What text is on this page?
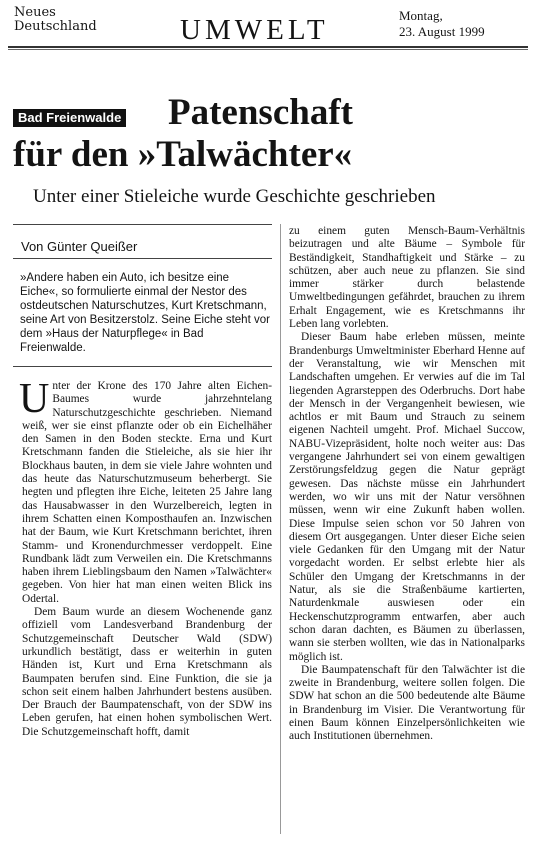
Neues
Deutschland	UMWELT	Montag,
23. August 1999
Bad Freienwalde Patenschaft
für den »Talwächter«
Unter einer Stieleiche wurde Geschichte geschrieben
Von Günter Queißer
»Andere haben ein Auto, ich besitze eine Eiche«, so formulierte einmal der Nestor des ostdeutschen Naturschutzes, Kurt Kretschmann, seine Art von Besitzerstolz. Seine Eiche steht vor dem »Haus der Naturpflege« in Bad Freienwalde.

Unter der Krone des 170 Jahre alten Eichen-Baumes wurde jahrzehntelang Naturschutzgeschichte geschrieben. Niemand weiß, wer sie einst pflanzte oder ob ein Eichelhäher den Samen in den Boden steckte. Erna und Kurt Kretschmann fanden die Stieleiche, als sie hier ihr Blockhaus bauten, in dem sie viele Jahre wohnten und das heute das Naturschutzmuseum beherbergt. Sie hegten und pflegten ihre Eiche, leiteten 25 Jahre lang das Hausabwasser in den Wurzelbereich, legten in ihrem Schatten einen Komposthaufen an. Inzwischen hat der Baum, wie Kurt Kretschmann berichtet, ihren Stamm- und Kronendurchmesser verdoppelt. Eine Rundbank lädt zum Verweilen ein. Die Kretschmanns haben ihrem Lieblingsbaum den Namen »Talwächter« gegeben. Von hier hat man einen weiten Blick ins Odertal.

Dem Baum wurde an diesem Wochenende ganz offiziell vom Landesverband Brandenburg der Schutzgemeinschaft Deutscher Wald (SDW) urkundlich bestätigt, dass er weiterhin in guten Händen ist, Kurt und Erna Kretschmann als Baumpaten berufen sind. Eine Funktion, die sie ja schon seit einem halben Jahrhundert bestens ausüben. Der Brauch der Baumpatenschaft, von der SDW ins Leben gerufen, hat einen hohen symbolischen Wert. Die Schutzgemeinschaft hofft, damit

zu einem guten Mensch-Baum-Verhältnis beizutragen und alte Bäume – Symbole für Beständigkeit, Standhaftigkeit und Stärke – zu schützen, aber auch neue zu pflanzen. Sie sind immer stärker durch belastende Umweltbedingungen gefährdet, brauchen zu ihrem Erhalt Engagement, wie es Kretschmanns ihr Leben lang vorlebten.

Dieser Baum habe erleben müssen, meinte Brandenburgs Umweltminister Eberhard Henne auf der Veranstaltung, wie wir Menschen mit Landschaften umgehen. Er verwies auf die im Tal liegenden Agrarsteppen des Oderbruchs. Dort habe der Mensch in der Vergangenheit bewiesen, wie achtlos er mit Baum und Strauch zu seinem eigenen Nachteil umgeht. Prof. Michael Succow, NABU-Vizepräsident, holte noch weiter aus: Das vergangene Jahrhundert sei von einem gewaltigen Zerstörungsfeldzug gegen die Natur geprägt gewesen. Das nächste müsse ein Jahrhundert werden, wo wir uns mit der Natur versöhnen müssen, wenn wir eine Zukunft haben wollen. Diese Impulse seien schon vor 50 Jahren von diesem Ort ausgegangen. Unter dieser Eiche seien viele Gedanken für den Umgang mit der Natur vorgedacht worden. Er selbst erlebte hier als Schüler den Umgang der Kretschmanns in der Natur, als sie die Straßenbäume kartierten, Naturdenkmale auswiesen oder ein Heckenschutzprogramm entwarfen, aber auch schon daran dachten, es Bäumen zu überlassen, wann sie sterben wollten, wie das in Nationalparks möglich ist.

Die Baumpatenschaft für den Talwächter ist die zweite in Brandenburg, weitere sollen folgen. Die SDW hat schon an die 500 bedeutende alte Bäume in Brandenburg im Visier. Die Verantwortung für einen Baum können Einzelpersönlichkeiten wie auch Institutionen übernehmen.
